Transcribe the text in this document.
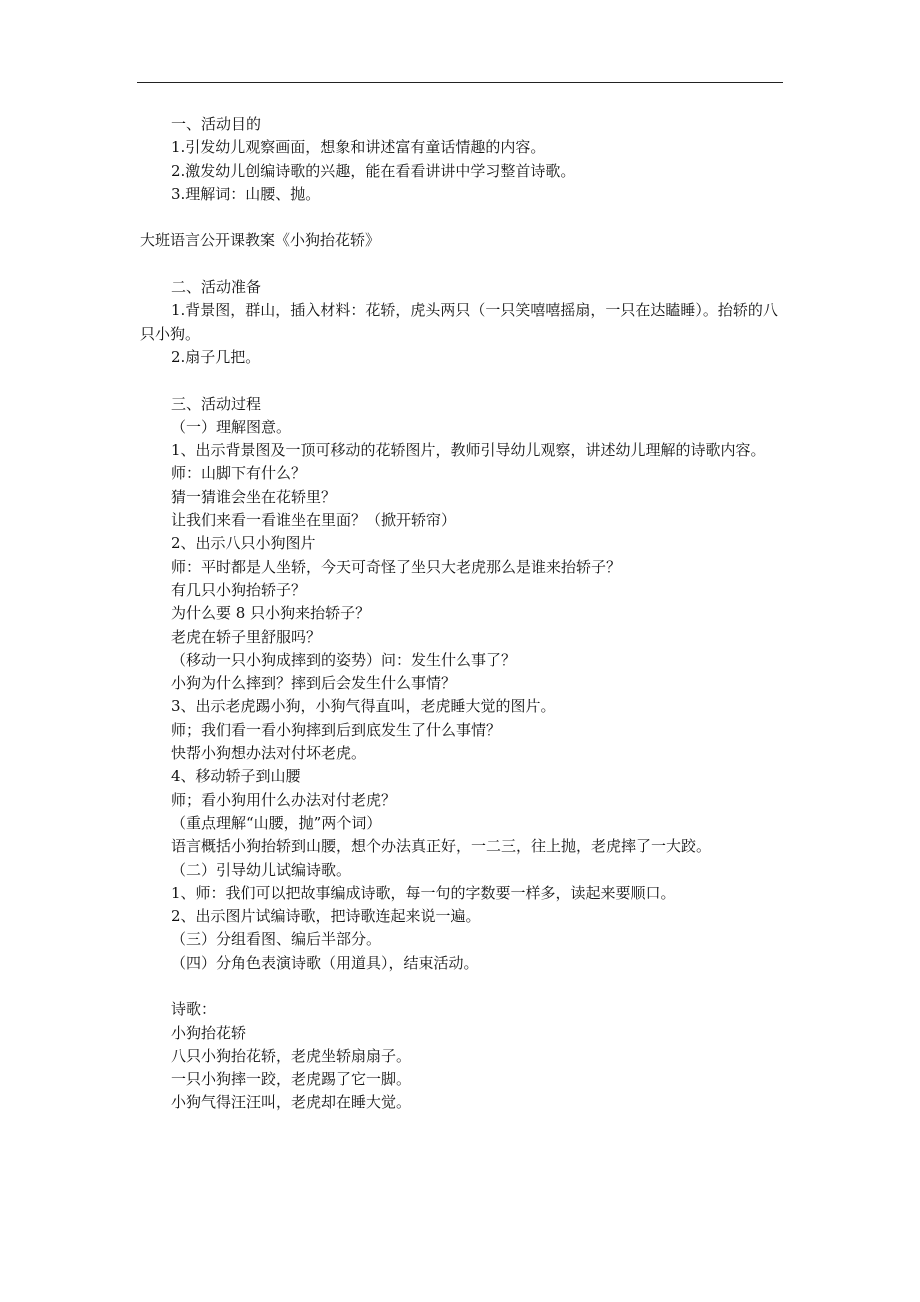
一、活动目的
1.引发幼儿观察画面，想象和讲述富有童话情趣的内容。
2.激发幼儿创编诗歌的兴趣，能在看看讲讲中学习整首诗歌。
3.理解词：山腰、抛。
大班语言公开课教案《小狗抬花轿》
二、活动准备
1.背景图，群山，插入材料：花轿，虎头两只（一只笑嘻嘻摇扇，一只在达瞌睡）。抬轿的八只小狗。
2.扇子几把。
三、活动过程
（一）理解图意。
1、出示背景图及一顶可移动的花轿图片，教师引导幼儿观察，讲述幼儿理解的诗歌内容。
师：山脚下有什么？
猜一猜谁会坐在花轿里？
让我们来看一看谁坐在里面？（掀开轿帘）
2、出示八只小狗图片
师：平时都是人坐轿，今天可奇怪了坐只大老虎那么是谁来抬轿子？
有几只小狗抬轿子？
为什么要 8 只小狗来抬轿子？
老虎在轿子里舒服吗？
（移动一只小狗成摔到的姿势）问：发生什么事了？
小狗为什么摔到？摔到后会发生什么事情？
3、出示老虎踢小狗，小狗气得直叫，老虎睡大觉的图片。
师；我们看一看小狗摔到后到底发生了什么事情？
快帮小狗想办法对付坏老虎。
4、移动轿子到山腰
师；看小狗用什么办法对付老虎？
（重点理解“山腰，抛”两个词）
语言概括小狗抬轿到山腰，想个办法真正好，一二三，往上抛，老虎摔了一大跤。
（二）引导幼儿试编诗歌。
1、师：我们可以把故事编成诗歌，每一句的字数要一样多，读起来要顺口。
2、出示图片试编诗歌，把诗歌连起来说一遍。
（三）分组看图、编后半部分。
（四）分角色表演诗歌（用道具），结束活动。
诗歌：
小狗抬花轿
八只小狗抬花轿，老虎坐轿扇扇子。
一只小狗摔一跤，老虎踢了它一脚。
小狗气得汪汪叫，老虎却在睡大觉。
